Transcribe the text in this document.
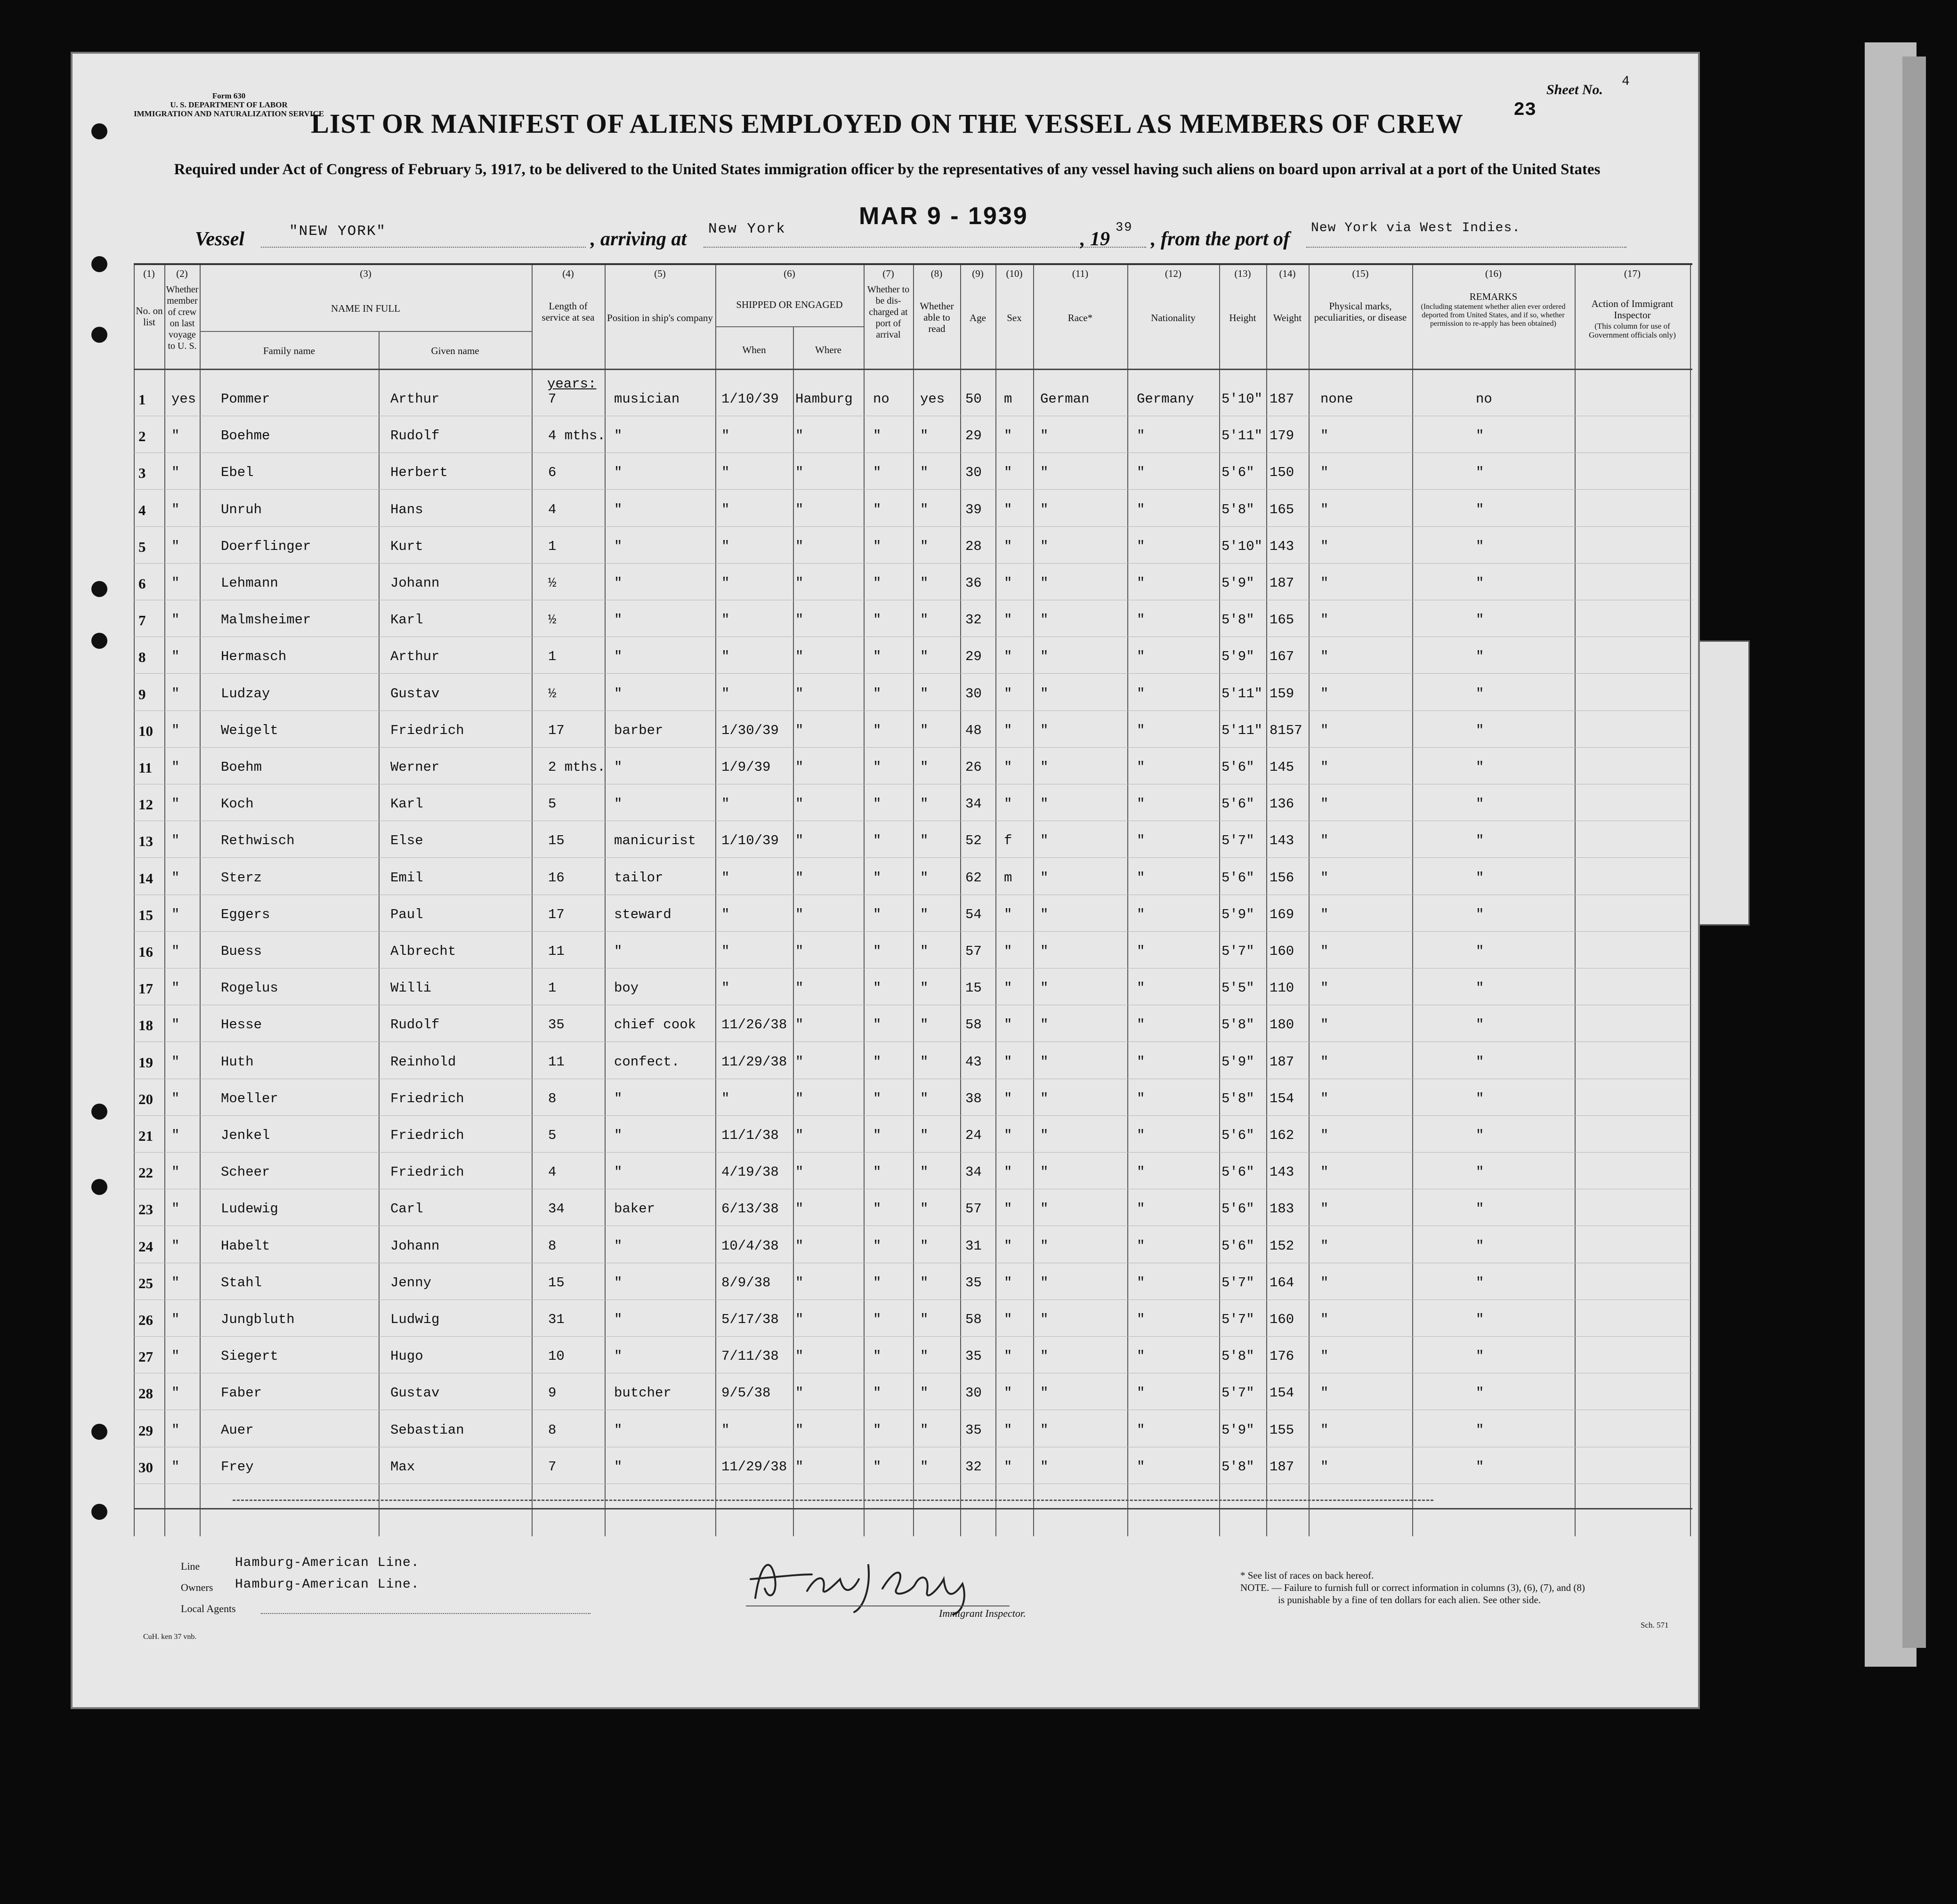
Form 630
U. S. DEPARTMENT OF LABOR
IMMIGRATION AND NATURALIZATION SERVICE
Sheet No.
4
23
LIST OR MANIFEST OF ALIENS EMPLOYED ON THE VESSEL AS MEMBERS OF CREW
Required under Act of Congress of February 5, 1917, to be delivered to the United States immigration officer by the representatives of any vessel having such aliens on board upon arrival at a port of the United States
Vessel	"NEW YORK"	, arriving at New York	MAR 9 - 1939
, 19
39
, from the port of
New York via West Indies.
(1)	(2)	(3)	(4)	(5)	(6)	(7)	(8)	(9)	(10)	(11)	(12)	(13)	(14)	(15)	(16)	(17)
No. on list
Whether member of crew on last voyage to U. S.
NAME IN FULL
Family name	Given name
Length of service at sea	Position in ship's company
SHIPPED OR ENGAGED
When	Where
Whether to be dis-charged at port of arrival
Whether able to read
Age	Sex	Race*	Nationality	Height	Weight
Physical marks, peculiarities, or disease
REMARKS
(Including statement whether alien ever ordered deported from United States, and if so, whether permission to re-apply has been obtained)
Action of Immigrant Inspector
(This column for use of Government officials only)
years:
1 yes Pommer	Arthur	7	musician	1/10/39 Hamburg no yes 50 m German	Germany 5'10" 187 none	no
2 "	Boehme	Rudolf	4 mths. "	"	"	"	"	29 " "	"	5'11" 179 "	"
3 "	Ebel	Herbert	6	"	"	"	"	"	30 " "	"	5'6" 150 "	"
4 "	Unruh	Hans	4	"	"	"	"	"	39 " "	"	5'8" 165 "	"
5 "	Doerflinger	Kurt	1	"	"	"	"	"	28 " "	"	5'10" 143 "	"
6 "	Lehmann	Johann	½	"	"	"	"	"	36 " "	"	5'9" 187 "	"
7 "	Malmsheimer	Karl	½	"	"	"	"	"	32 " "	"	5'8" 165 "	"
8 "	Hermasch	Arthur	1	"	"	"	"	"	29 " "	"	5'9" 167 "	"
9 "	Ludzay	Gustav	½	"	"	"	"	"	30 " "	"	5'11" 159 "	"
10 "	Weigelt	Friedrich	17	barber	1/30/39 "	"	"	48 " "	"	5'11" 8157 "	"
11 "	Boehm	Werner	2 mths. "	1/9/39 "	"	"	26 " "	"	5'6" 145 "	"
12 "	Koch	Karl	5	"	"	"	"	"	34 " "	"	5'6" 136 "	"
13 "	Rethwisch	Else	15	manicurist 1/10/39 "	"	"	52 f "	"	5'7" 143 "	"
14 "	Sterz	Emil	16	tailor	"	"	"	"	62 m "	"	5'6" 156 "	"
15 "	Eggers	Paul	17	steward	"	"	"	"	54 " "	"	5'9" 169 "	"
16 "	Buess	Albrecht	11	"	"	"	"	"	57 " "	"	5'7" 160 "	"
17 "	Rogelus	Willi	1	boy	"	"	"	"	15 " "	"	5'5" 110 "	"
18 "	Hesse	Rudolf	35	chief cook 11/26/38 "	"	"	58 " "	"	5'8" 180 "	"
19 "	Huth	Reinhold	11	confect.	11/29/38 "	"	"	43 " "	"	5'9" 187 "	"
20 "	Moeller	Friedrich	8	"	"	"	"	"	38 " "	"	5'8" 154 "	"
21 "	Jenkel	Friedrich	5	"	11/1/38 "	"	"	24 " "	"	5'6" 162 "	"
22 "	Scheer	Friedrich	4	"	4/19/38 "	"	"	34 " "	"	5'6" 143 "	"
23 "	Ludewig	Carl	34	baker	6/13/38 "	"	"	57 " "	"	5'6" 183 "	"
24 "	Habelt	Johann	8	"	10/4/38 "	"	"	31 " "	"	5'6" 152 "	"
25 "	Stahl	Jenny	15	"	8/9/38 "	"	"	35 " "	"	5'7" 164 "	"
26 "	Jungbluth	Ludwig	31	"	5/17/38 "	"	"	58 " "	"	5'7" 160 "	"
27 "	Siegert	Hugo	10	"	7/11/38 "	"	"	35 " "	"	5'8" 176 "	"
28 "	Faber	Gustav	9	butcher	9/5/38 "	"	"	30 " "	"	5'7" 154 "	"
29 "	Auer	Sebastian	8	"	"	"	"	"	35 " "	"	5'9" 155 "	"
30 "	Frey	Max	7	"	11/29/38 "	"	"	32 " "	"	5'8" 187 "	"
Line	Hamburg-American Line.
Owners Hamburg-American Line.
Local Agents	Immigrant Inspector.
* See list of races on back hereof.
NOTE. — Failure to furnish full or correct information in columns (3), (6), (7), and (8)
is punishable by a fine of ten dollars for each alien. See other side.
Sch. 571
CuH. ken 37 vnb.
